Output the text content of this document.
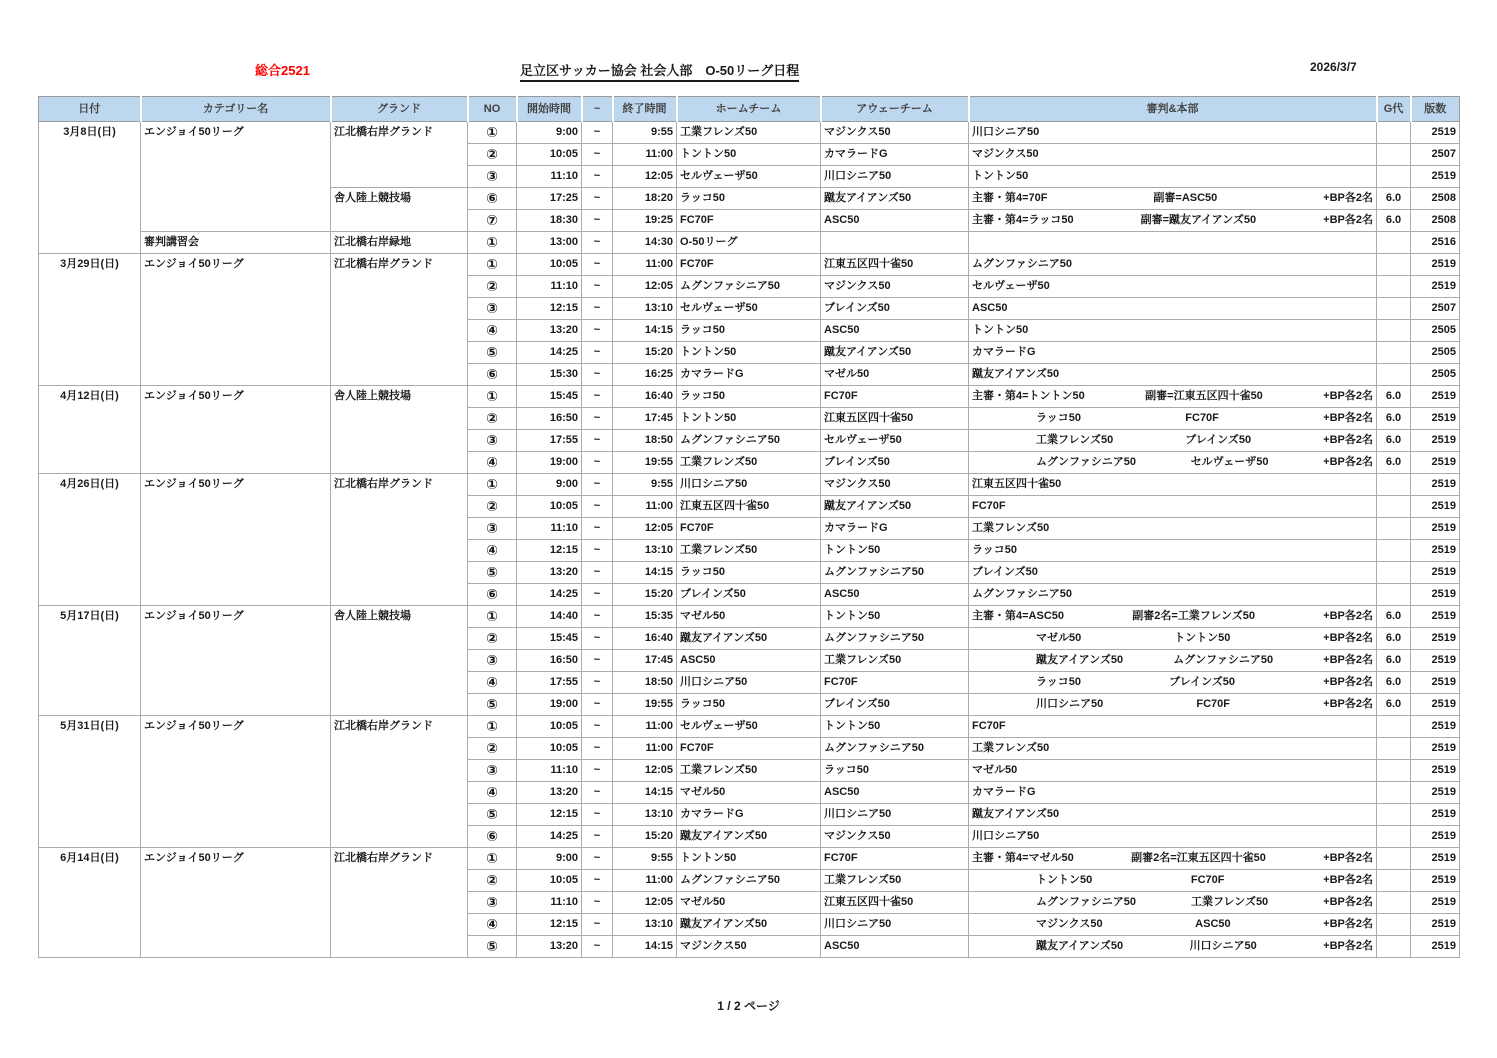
総合2521	足立区サッカー協会 社会人部　O-50リーグ日程	2026/3/7
日付	カテゴリー名	グランド	NO	開始時間	~	終了時間	ホームチーム	アウェーチーム	審判&本部	G代	版数
3月8日(日)	エンジョイ50リーグ	江北橋右岸グランド	①	9:00	~	9:55	工業フレンズ50	マジンクス50	川口シニア50		2519
			②	10:05	~	11:00	トントン50	カマラードG	マジンクス50		2507
			③	11:10	~	12:05	セルヴェーザ50	川口シニア50	トントン50		2519
		舎人陸上競技場	⑥	17:25	~	18:20	ラッコ50	蹴友アイアンズ50	主審・第4=70F 副審=ASC50 +BP各2名	6.0	2508
			⑦	18:30	~	19:25	FC70F	ASC50	主審・第4=ラッコ50 副審=蹴友アイアンズ50 +BP各2名	6.0	2508
	審判講習会	江北橋右岸緑地	①	13:00	~	14:30	O-50リーグ				2516
3月29日(日)	エンジョイ50リーグ	江北橋右岸グランド	①	10:05	~	11:00	FC70F	江東五区四十雀50	ムグンファシニア50		2519
			②	11:10	~	12:05	ムグンファシニア50	マジンクス50	セルヴェーザ50		2519
			③	12:15	~	13:10	セルヴェーザ50	ブレインズ50	ASC50		2507
			④	13:20	~	14:15	ラッコ50	ASC50	トントン50		2505
			⑤	14:25	~	15:20	トントン50	蹴友アイアンズ50	カマラードG		2505
			⑥	15:30	~	16:25	カマラードG	マゼル50	蹴友アイアンズ50		2505
4月12日(日)	エンジョイ50リーグ	舎人陸上競技場	①	15:45	~	16:40	ラッコ50	FC70F	主審・第4=トントン50 副審=江東五区四十雀50 +BP各2名	6.0	2519
			②	16:50	~	17:45	トントン50	江東五区四十雀50	ラッコ50 FC70F +BP各2名	6.0	2519
			③	17:55	~	18:50	ムグンファシニア50	セルヴェーザ50	工業フレンズ50 ブレインズ50 +BP各2名	6.0	2519
			④	19:00	~	19:55	工業フレンズ50	ブレインズ50	ムグンファシニア50 セルヴェーザ50 +BP各2名	6.0	2519
4月26日(日)	エンジョイ50リーグ	江北橋右岸グランド	①	9:00	~	9:55	川口シニア50	マジンクス50	江東五区四十雀50		2519
			②	10:05	~	11:00	江東五区四十雀50	蹴友アイアンズ50	FC70F		2519
			③	11:10	~	12:05	FC70F	カマラードG	工業フレンズ50		2519
			④	12:15	~	13:10	工業フレンズ50	トントン50	ラッコ50		2519
			⑤	13:20	~	14:15	ラッコ50	ムグンファシニア50	ブレインズ50		2519
			⑥	14:25	~	15:20	ブレインズ50	ASC50	ムグンファシニア50		2519
5月17日(日)	エンジョイ50リーグ	舎人陸上競技場	①	14:40	~	15:35	マゼル50	トントン50	主審・第4=ASC50 副審2名=工業フレンズ50 +BP各2名	6.0	2519
			②	15:45	~	16:40	蹴友アイアンズ50	ムグンファシニア50	マゼル50 トントン50 +BP各2名	6.0	2519
			③	16:50	~	17:45	ASC50	工業フレンズ50	蹴友アイアンズ50 ムグンファシニア50 +BP各2名	6.0	2519
			④	17:55	~	18:50	川口シニア50	FC70F	ラッコ50 ブレインズ50 +BP各2名	6.0	2519
			⑤	19:00	~	19:55	ラッコ50	ブレインズ50	川口シニア50 FC70F +BP各2名	6.0	2519
5月31日(日)	エンジョイ50リーグ	江北橋右岸グランド	①	10:05	~	11:00	セルヴェーザ50	トントン50	FC70F		2519
			②	10:05	~	11:00	FC70F	ムグンファシニア50	工業フレンズ50		2519
			③	11:10	~	12:05	工業フレンズ50	ラッコ50	マゼル50		2519
			④	13:20	~	14:15	マゼル50	ASC50	カマラードG		2519
			⑤	12:15	~	13:10	カマラードG	川口シニア50	蹴友アイアンズ50		2519
			⑥	14:25	~	15:20	蹴友アイアンズ50	マジンクス50	川口シニア50		2519
6月14日(日)	エンジョイ50リーグ	江北橋右岸グランド	①	9:00	~	9:55	トントン50	FC70F	主審・第4=マゼル50 副審2名=江東五区四十雀50 +BP各2名		2519
			②	10:05	~	11:00	ムグンファシニア50	工業フレンズ50	トントン50 FC70F +BP各2名		2519
			③	11:10	~	12:05	マゼル50	江東五区四十雀50	ムグンファシニア50 工業フレンズ50 +BP各2名		2519
			④	12:15	~	13:10	蹴友アイアンズ50	川口シニア50	マジンクス50 ASC50 +BP各2名		2519
			⑤	13:20	~	14:15	マジンクス50	ASC50	蹴友アイアンズ50 川口シニア50 +BP各2名		2519
1 / 2 ページ
